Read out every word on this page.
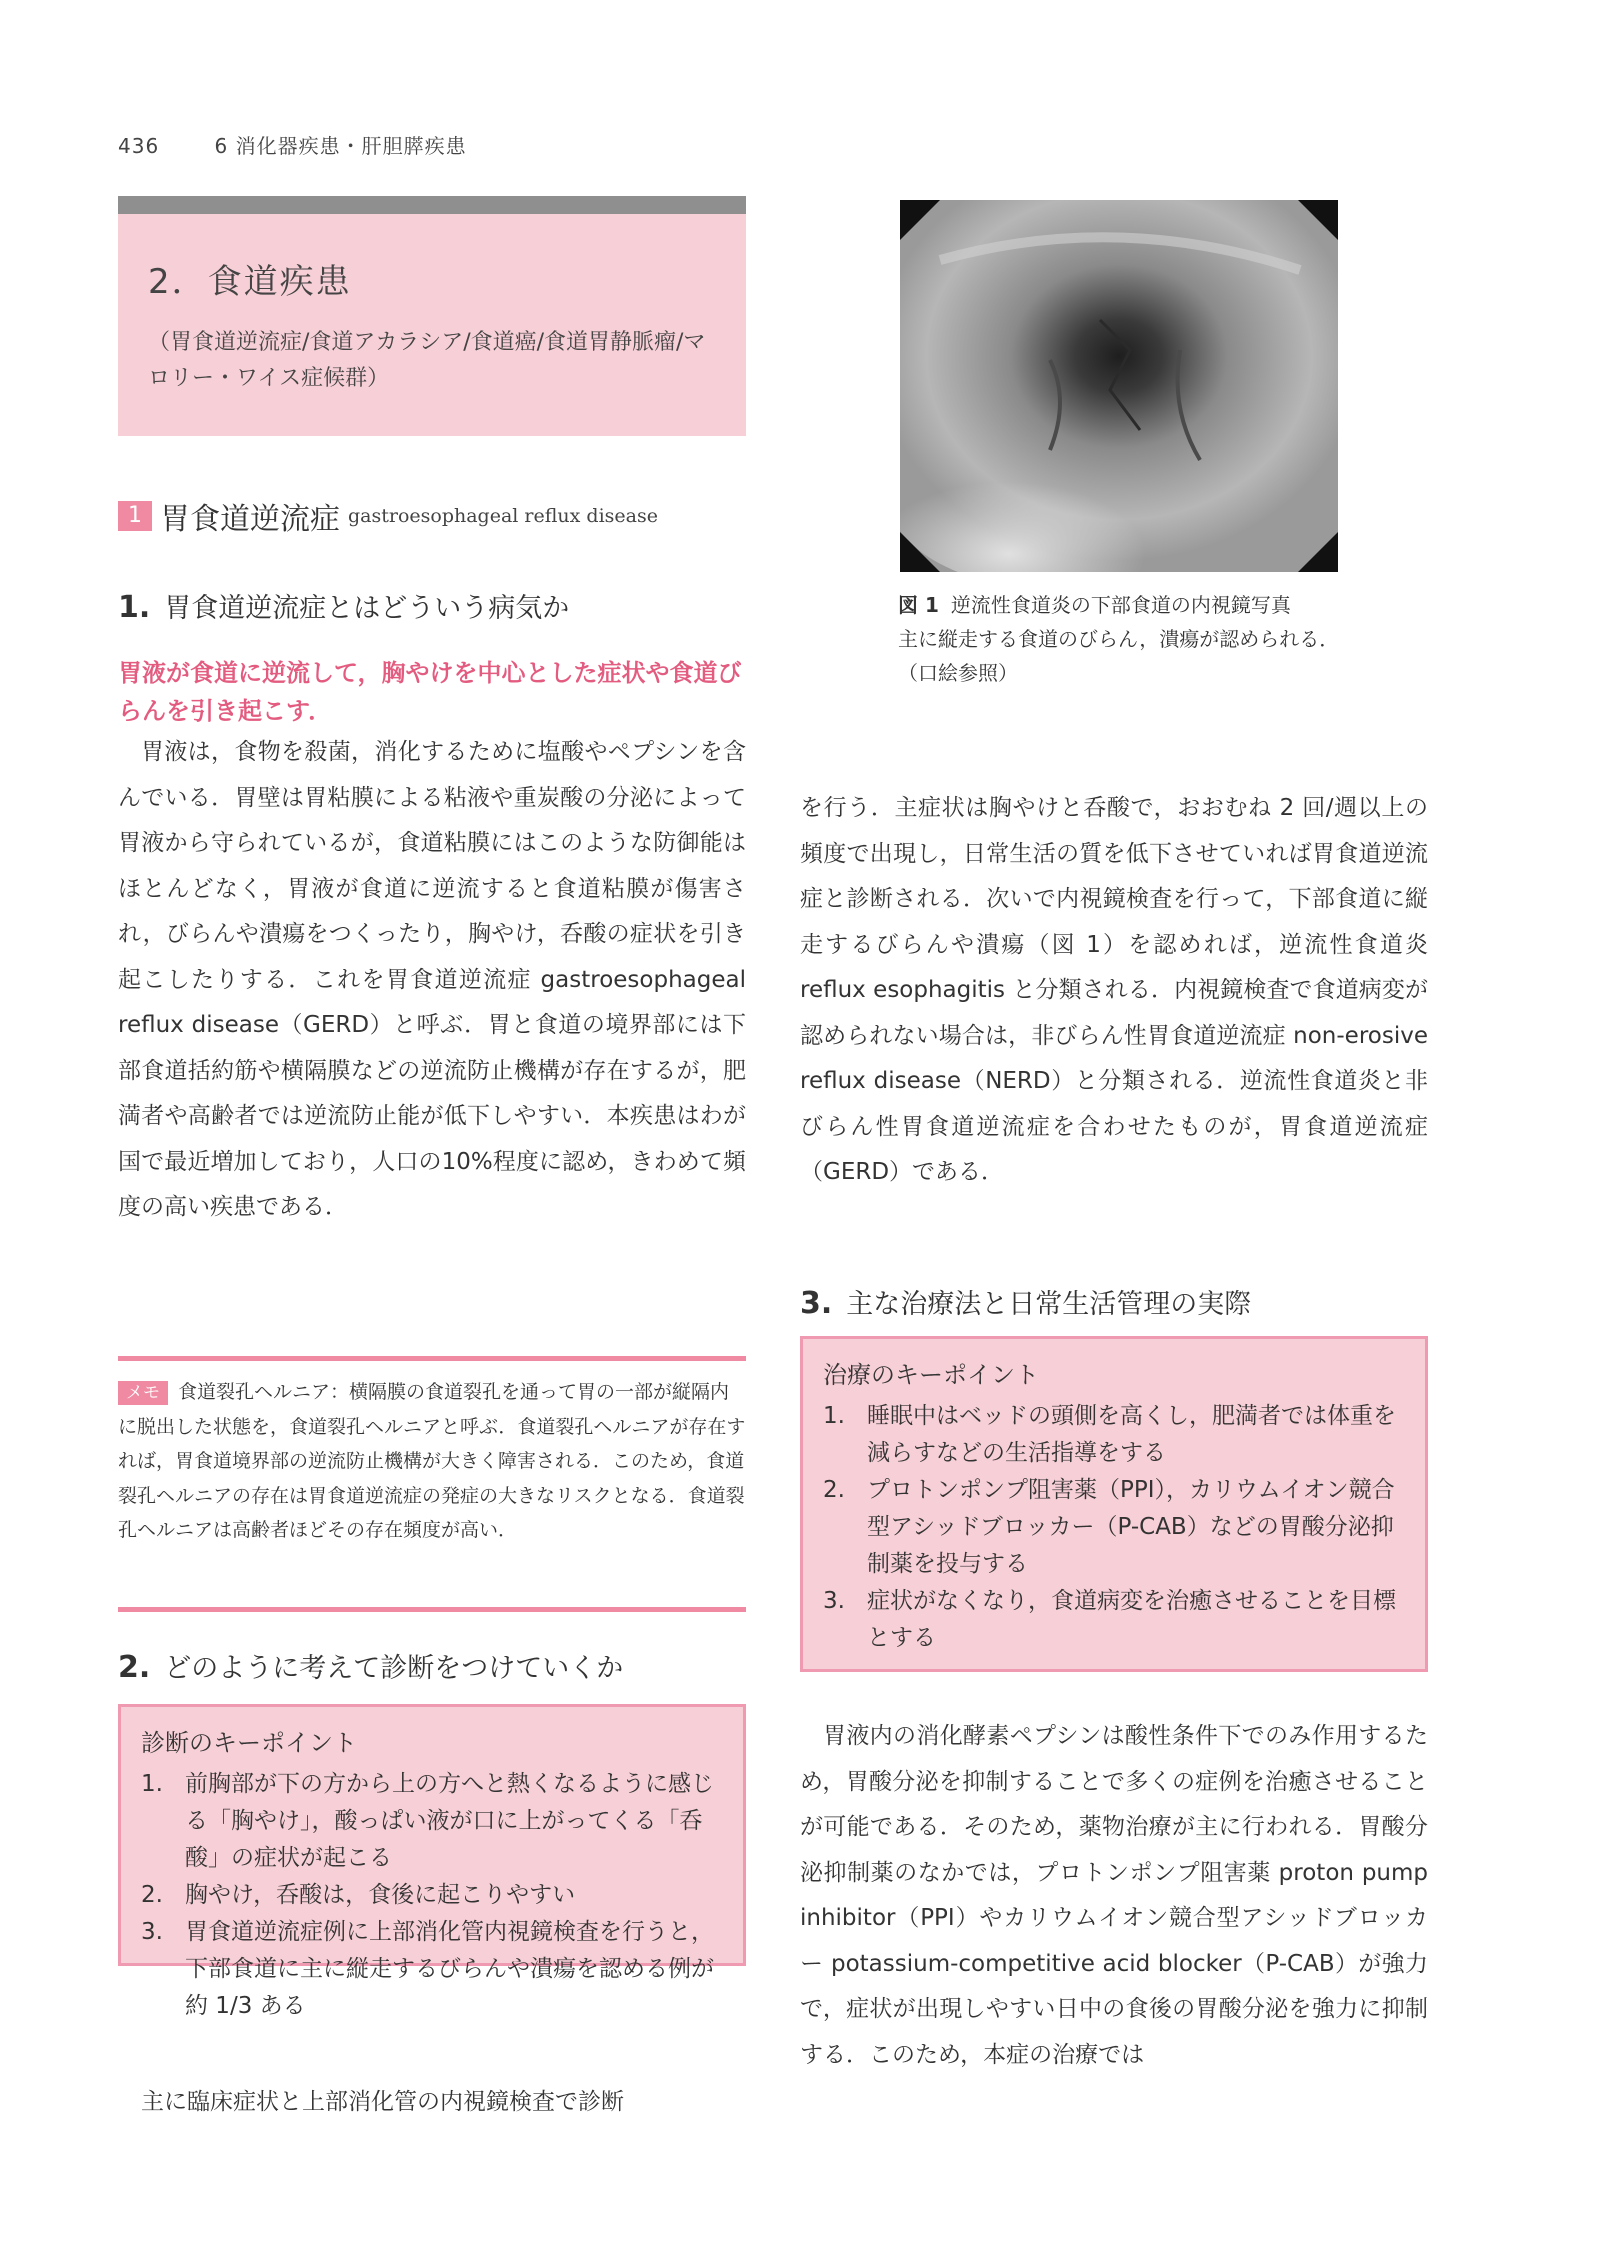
436	6 消化器疾患・肝胆膵疾患
2．食道疾患
（胃食道逆流症/食道アカラシア/食道癌/食道胃静脈瘤/マロリー・ワイス症候群）
1 胃食道逆流症 gastroesophageal reflux disease
1. 胃食道逆流症とはどういう病気か
胃液が食道に逆流して，胸やけを中心とした症状や食道びらんを引き起こす．

胃液は，食物を殺菌，消化するために塩酸やペプシンを含んでいる．胃壁は胃粘膜による粘液や重炭酸の分泌によって胃液から守られているが，食道粘膜にはこのような防御能はほとんどなく，胃液が食道に逆流すると食道粘膜が傷害され，びらんや潰瘍をつくったり，胸やけ，呑酸の症状を引き起こしたりする．これを胃食道逆流症 gastroesophageal reflux disease（GERD）と呼ぶ．胃と食道の境界部には下部食道括約筋や横隔膜などの逆流防止機構が存在するが，肥満者や高齢者では逆流防止能が低下しやすい．本疾患はわが国で最近増加しており，人口の10%程度に認め，きわめて頻度の高い疾患である．

メモ 食道裂孔ヘルニア：横隔膜の食道裂孔を通って胃の一部が縦隔内に脱出した状態を，食道裂孔ヘルニアと呼ぶ．食道裂孔ヘルニアが存在すれば，胃食道境界部の逆流防止機構が大きく障害される．このため，食道裂孔ヘルニアの存在は胃食道逆流症の発症の大きなリスクとなる．食道裂孔ヘルニアは高齢者ほどその存在頻度が高い．
2. どのように考えて診断をつけていくか
診断のキーポイント
1. 前胸部が下の方から上の方へと熱くなるように感じる「胸やけ」，酸っぱい液が口に上がってくる「呑酸」の症状が起こる
2. 胸やけ，呑酸は，食後に起こりやすい
3. 胃食道逆流症例に上部消化管内視鏡検査を行うと，下部食道に主に縦走するびらんや潰瘍を認める例が約 1/3 ある

主に臨床症状と上部消化管の内視鏡検査で診断

図 1 逆流性食道炎の下部食道の内視鏡写真
主に縦走する食道のびらん，潰瘍が認められる．（口絵参照）

を行う．主症状は胸やけと呑酸で，おおむね 2 回/週以上の頻度で出現し，日常生活の質を低下させていれば胃食道逆流症と診断される．次いで内視鏡検査を行って，下部食道に縦走するびらんや潰瘍（図 1）を認めれば，逆流性食道炎 reflux esophagitis と分類される．内視鏡検査で食道病変が認められない場合は，非びらん性胃食道逆流症 non-erosive reflux disease（NERD）と分類される．逆流性食道炎と非びらん性胃食道逆流症を合わせたものが，胃食道逆流症（GERD）である．

3. 主な治療法と日常生活管理の実際
治療のキーポイント
1. 睡眠中はベッドの頭側を高くし，肥満者では体重を減らすなどの生活指導をする
2. プロトンポンプ阻害薬（PPI），カリウムイオン競合型アシッドブロッカー（P-CAB）などの胃酸分泌抑制薬を投与する
3. 症状がなくなり，食道病変を治癒させることを目標とする

胃液内の消化酵素ペプシンは酸性条件下でのみ作用するため，胃酸分泌を抑制することで多くの症例を治癒させることが可能である．そのため，薬物治療が主に行われる．胃酸分泌抑制薬のなかでは，プロトンポンプ阻害薬 proton pump inhibitor（PPI）やカリウムイオン競合型アシッドブロッカー potassium-competitive acid blocker（P-CAB）が強力で，症状が出現しやすい日中の食後の胃酸分泌を強力に抑制する．このため，本症の治療では
